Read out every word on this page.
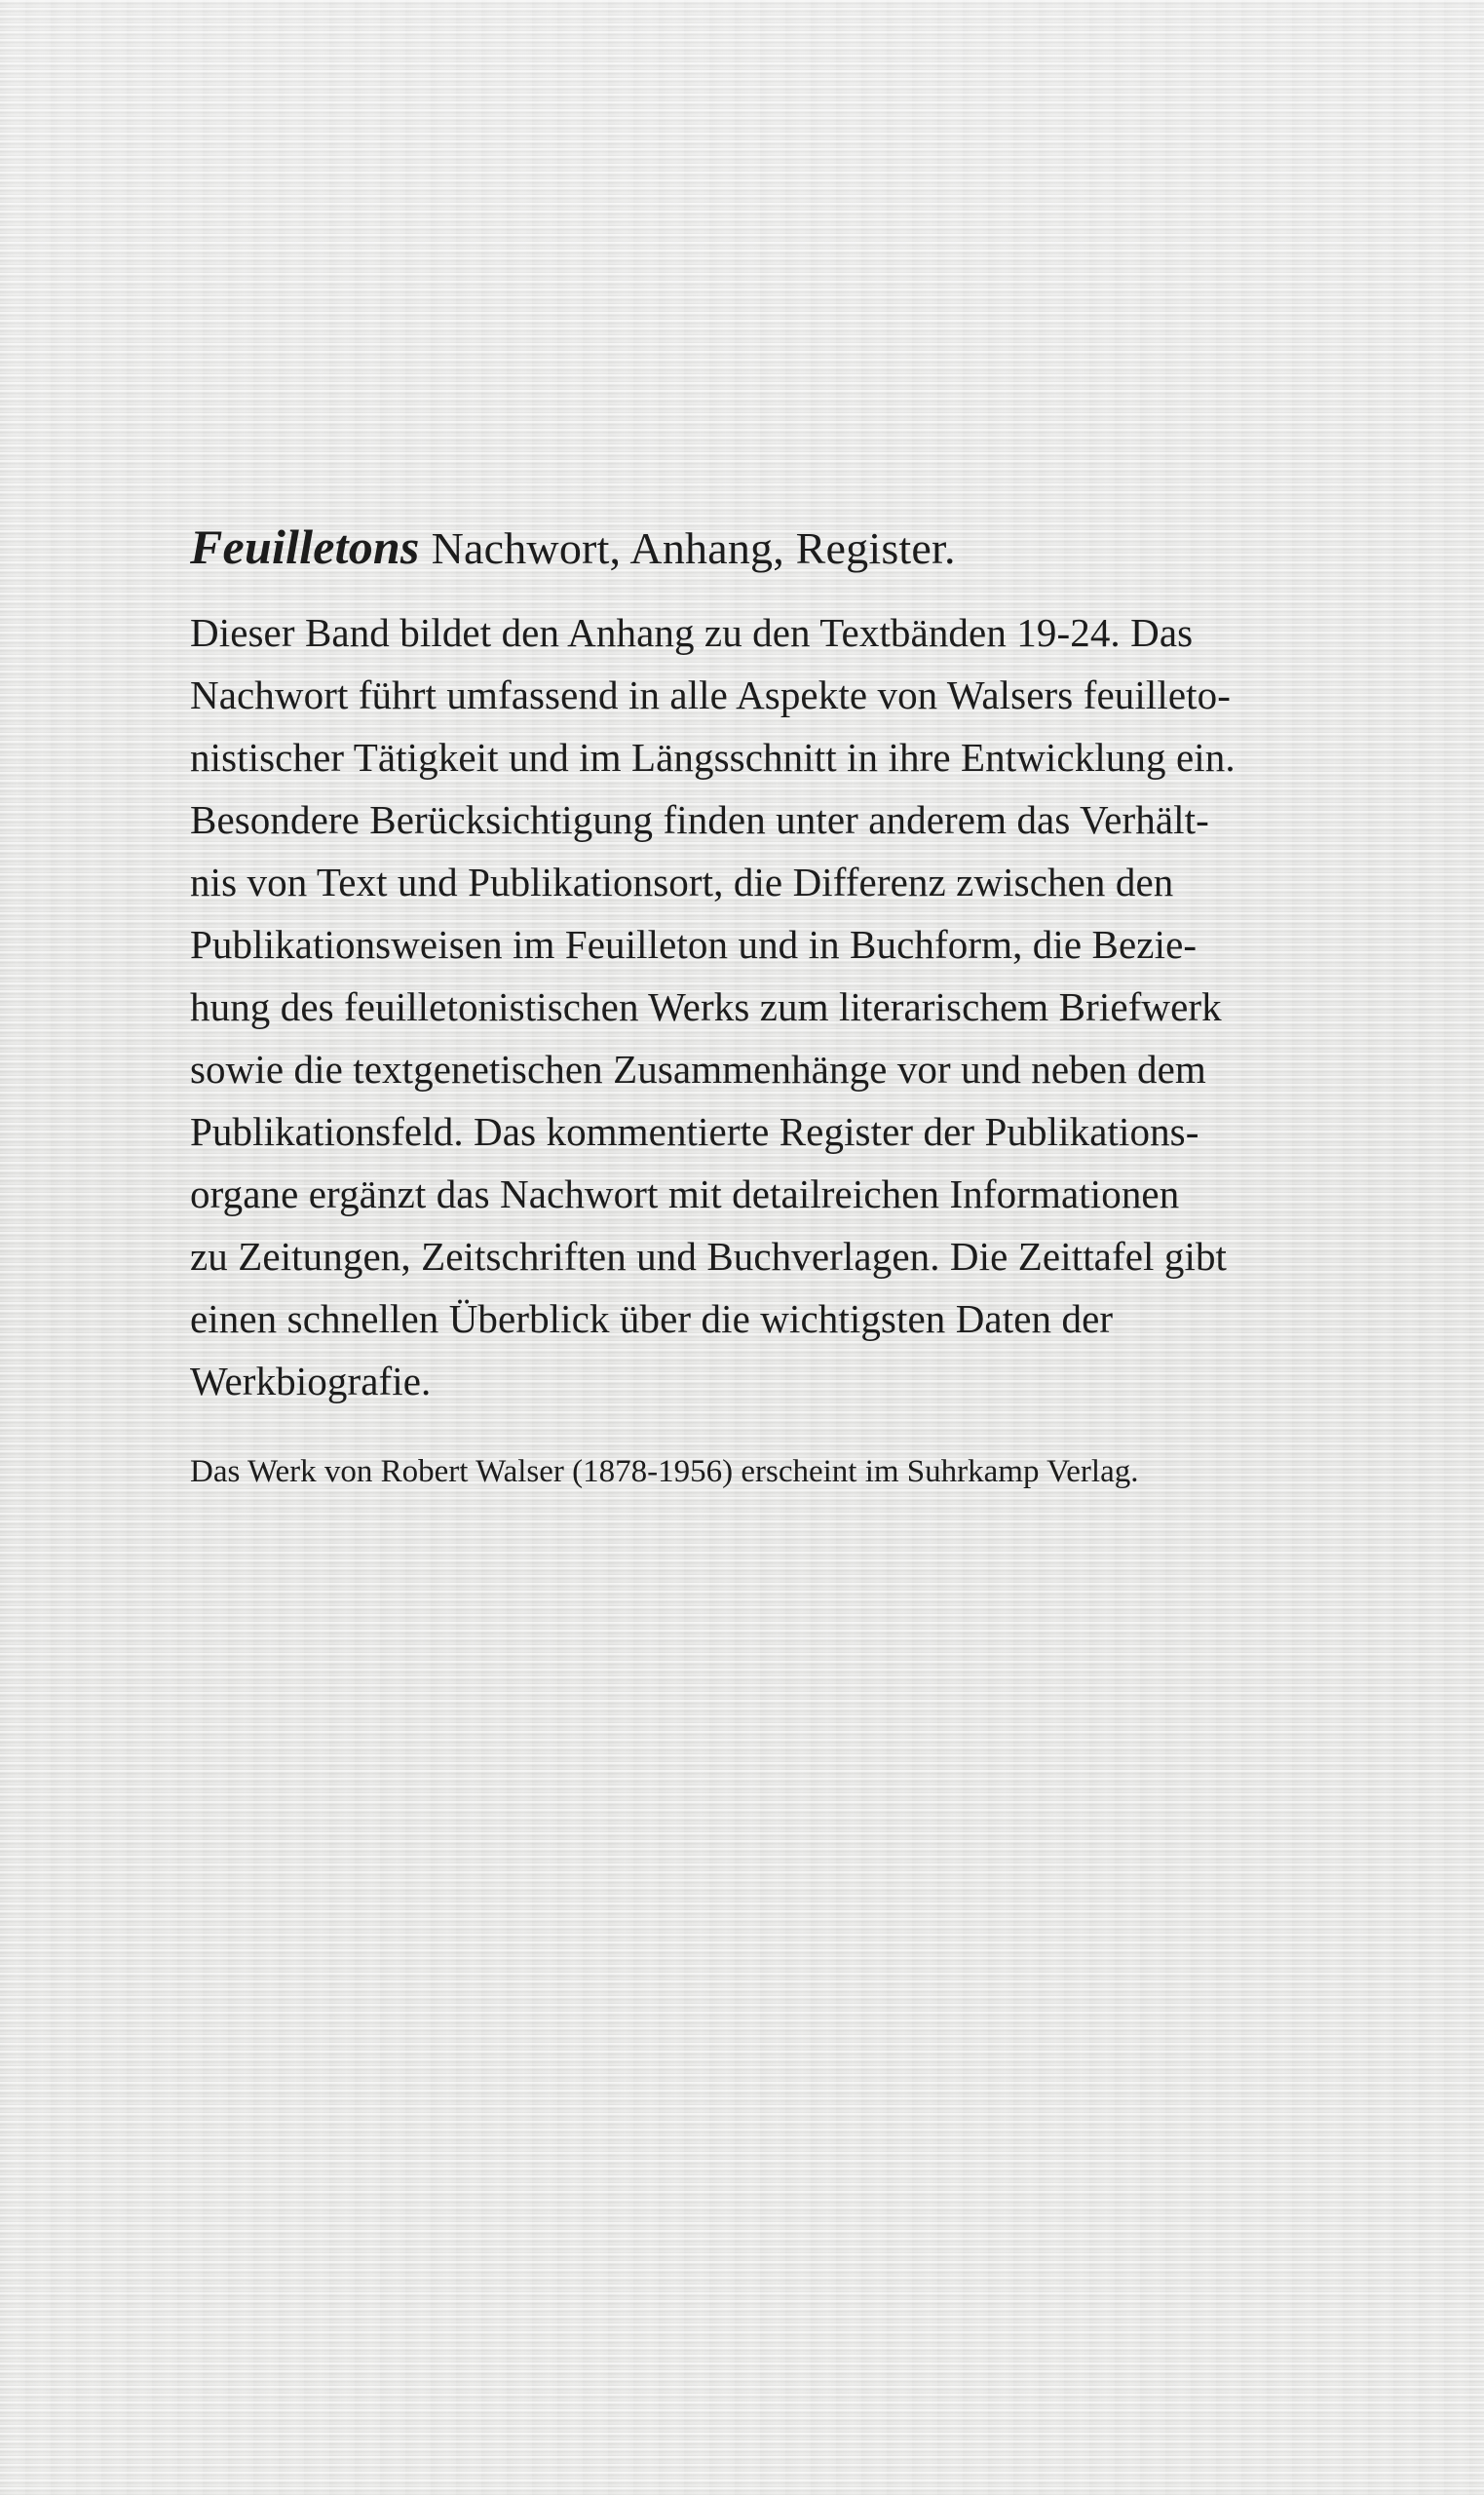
Feuilletons Nachwort, Anhang, Register.

Dieser Band bildet den Anhang zu den Textbänden 19-24. Das
Nachwort führt umfassend in alle Aspekte von Walsers feuilleto-
nistischer Tätigkeit und im Längsschnitt in ihre Entwicklung ein.
Besondere Berücksichtigung finden unter anderem das Verhält-
nis von Text und Publikationsort, die Differenz zwischen den
Publikationsweisen im Feuilleton und in Buchform, die Bezie-
hung des feuilletonistischen Werks zum literarischem Briefwerk
sowie die textgenetischen Zusammenhänge vor und neben dem
Publikationsfeld. Das kommentierte Register der Publikations-
organe ergänzt das Nachwort mit detailreichen Informationen
zu Zeitungen, Zeitschriften und Buchverlagen. Die Zeittafel gibt
einen schnellen Überblick über die wichtigsten Daten der
Werkbiografie.

Das Werk von Robert Walser (1878-1956) erscheint im Suhrkamp Verlag.
